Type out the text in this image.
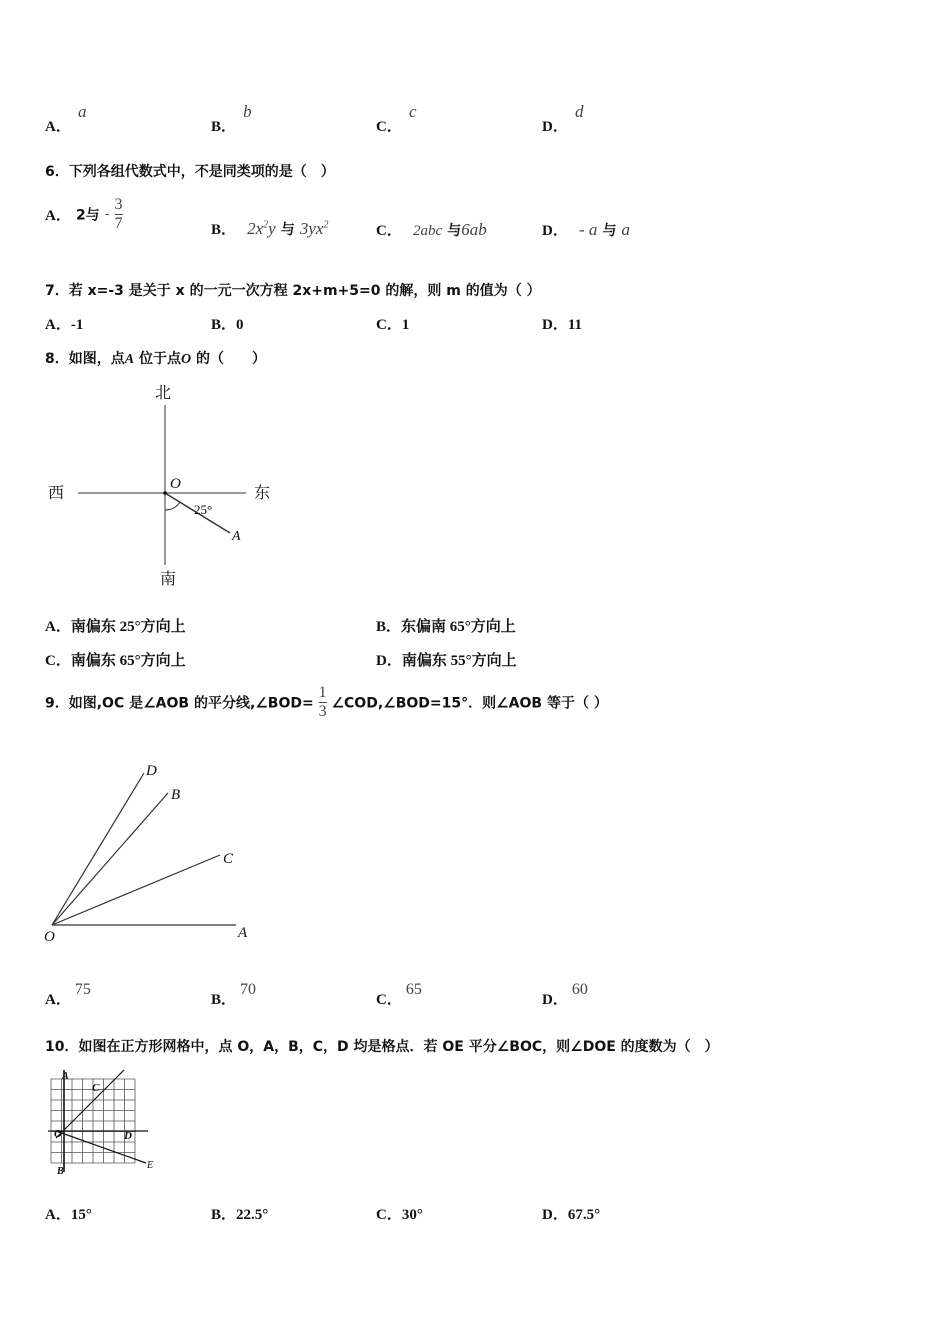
A． a
B． b
C． c
D． d
6．下列各组代数式中，不是同类项的是（　）
A． 2与 - $\frac{3}{7}$	B． $2x^2y$ 与 $3yx^2$	C． 2abc 与6ab	D． - a 与 a
7．若 x=-3 是关于 x 的一元一次方程 2x+m+5=0 的解，则 m 的值为（ ）
A．-1	B．0	C．1	D．11
8．如图，点A 位于点O 的（　　）
北
南
西	东
O
A
25°
A．南偏东 25°方向上	B．东偏南 65°方向上
C．南偏东 65°方向上	D．南偏东 55°方向上
9．如图,OC 是∠AOB 的平分线,∠BOD= $\frac{1}{3}$ ∠COD,∠BOD=15°．则∠AOB 等于（ ）
O	A
C
B
D
A．75
B．70
C．65
D．60
10．如图在正方形网格中，点 O，A，B，C，D 均是格点．若 OE 平分∠BOC，则∠DOE 的度数为（　）
A
C
O	D
B
E
A．15°	B．22.5°	C．30°	D．67.5°
